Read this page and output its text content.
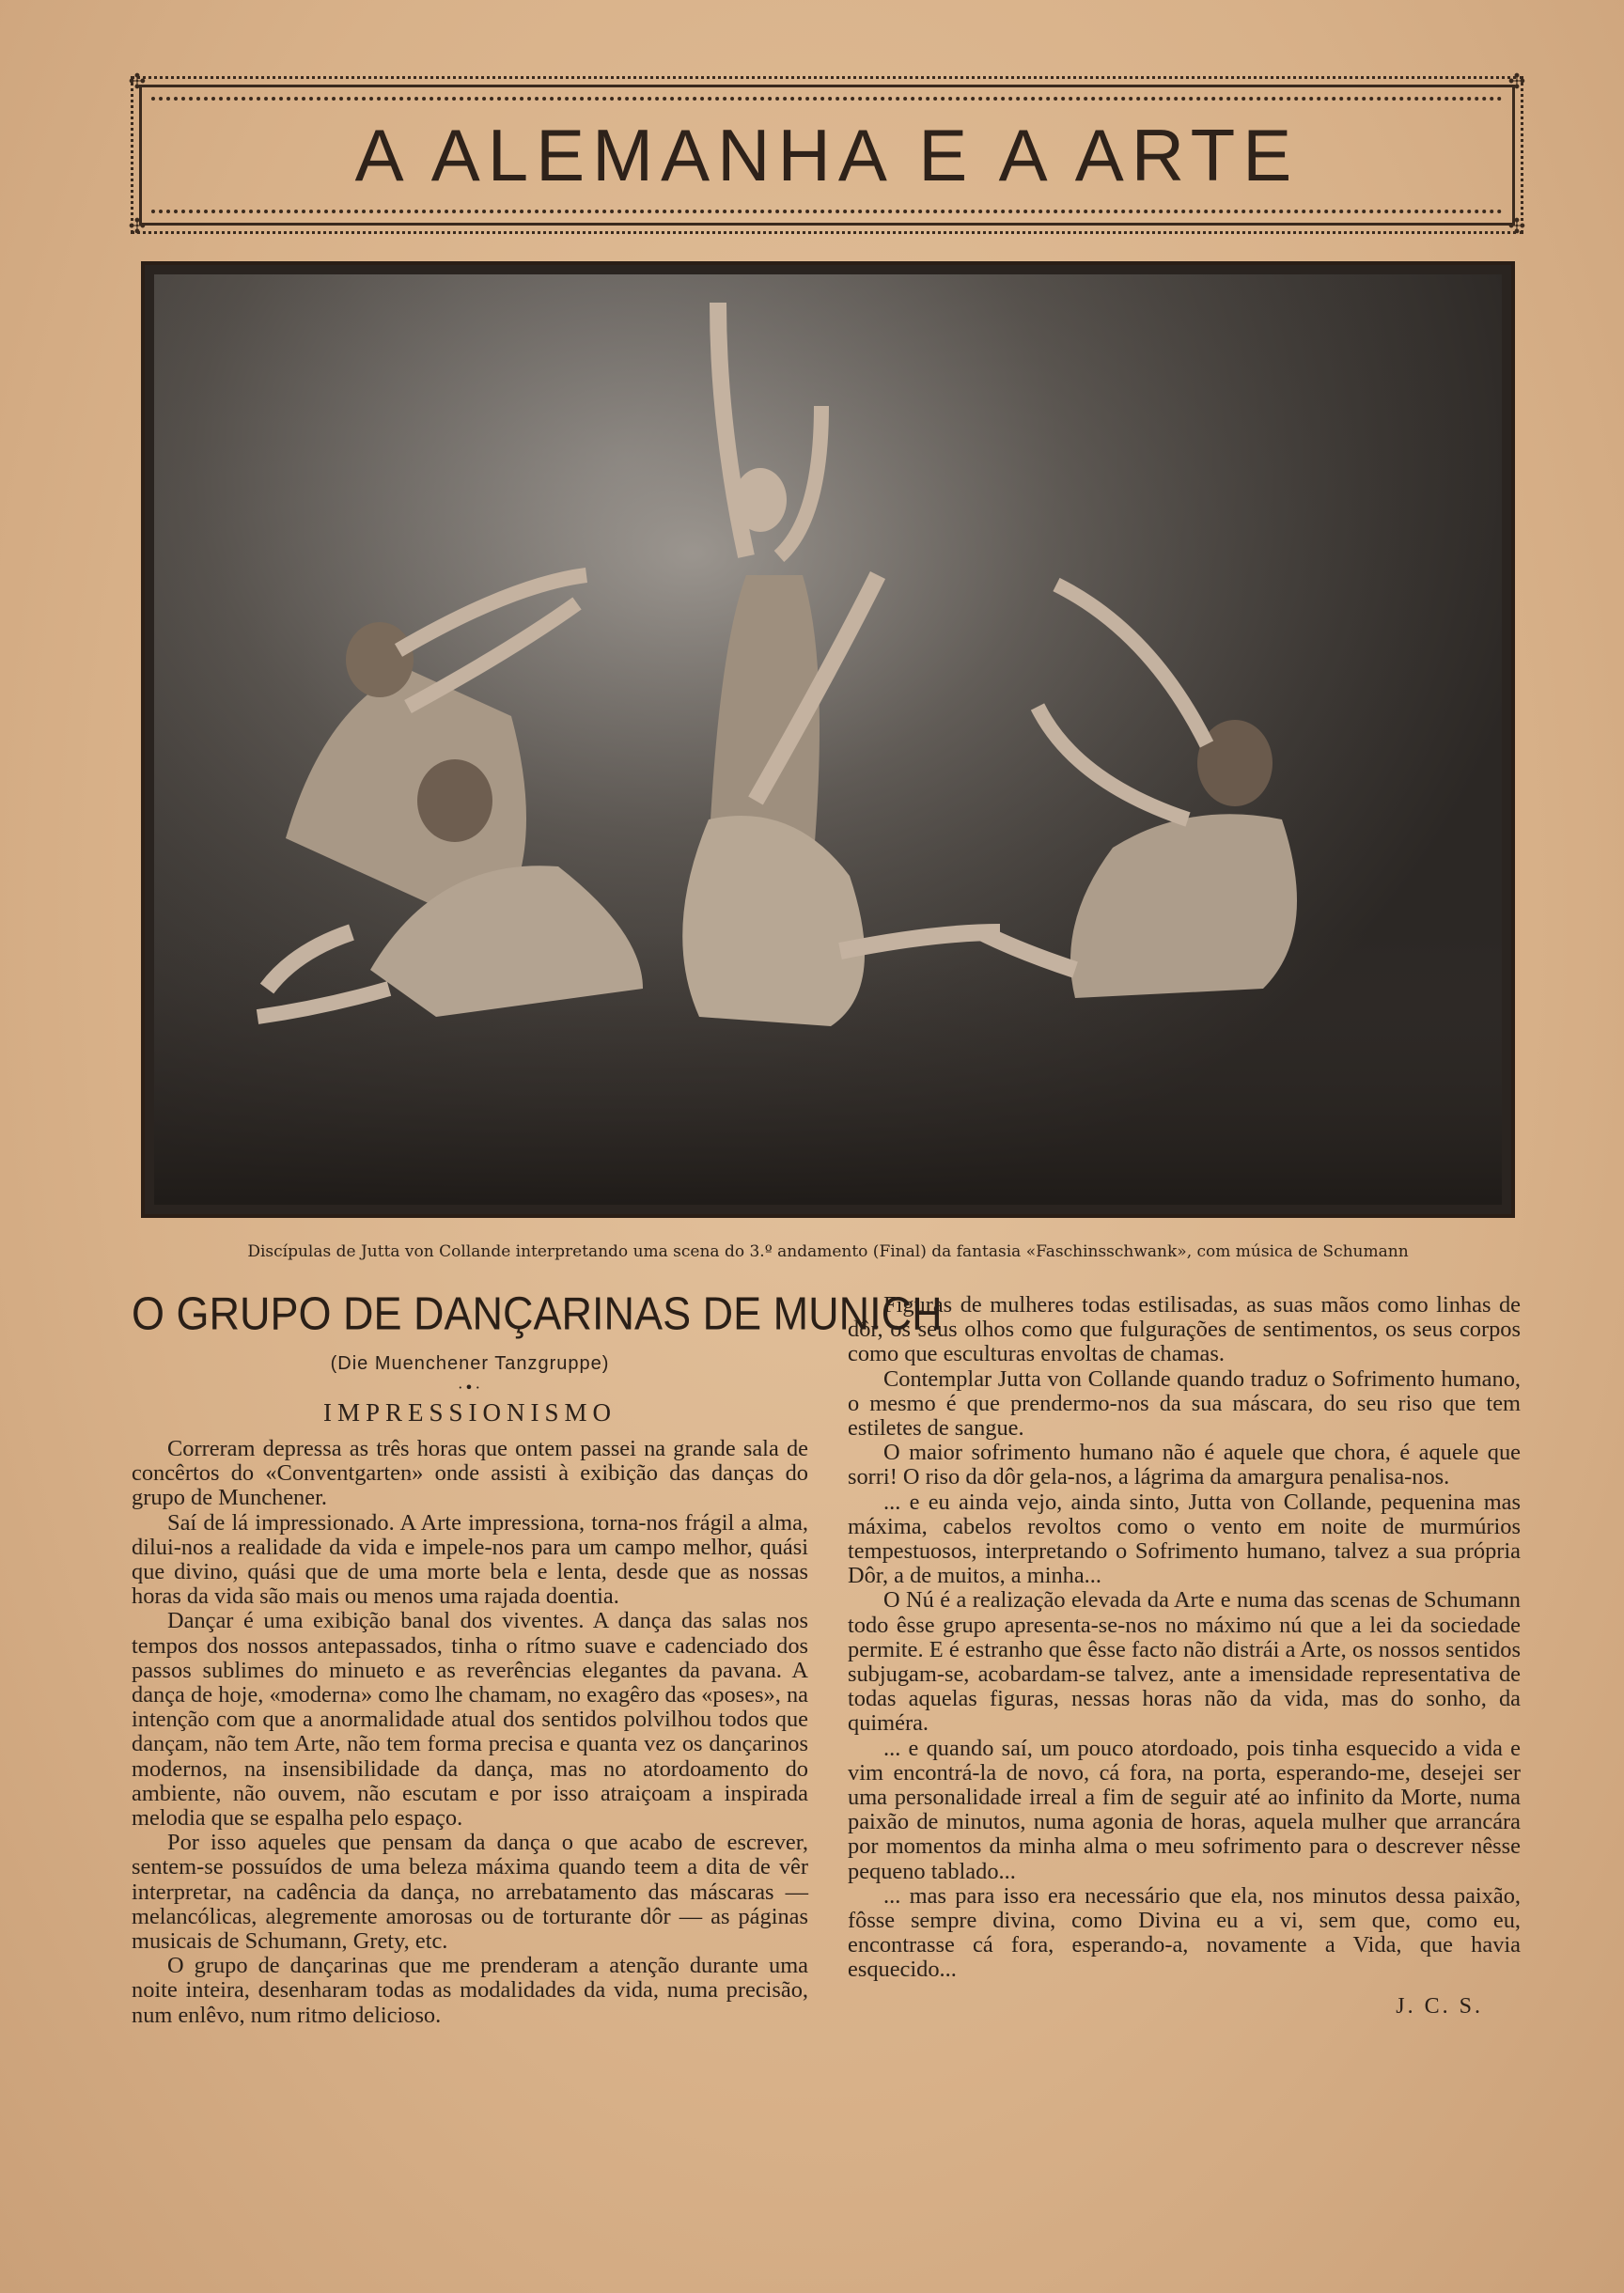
✣	✣
✣	✣
A ALEMANHA E A ARTE
Discípulas de Jutta von Collande interpretando uma scena do 3.º andamento (Final) da fantasia «Faschinsschwank», com música de Schumann
O GRUPO DE DANÇARINAS DE MUNICH
(Die Muenchener Tanzgruppe)
·•·
IMPRESSIONISMO

Correram depressa as três horas que ontem passei na grande sala de concêrtos do «Conventgarten» onde assisti à exibição das danças do grupo de Munchener.

Saí de lá impressionado. A Arte impressiona, torna-nos frágil a alma, dilui-nos a realidade da vida e impele-nos para um campo melhor, quási que divino, quási que de uma morte bela e lenta, desde que as nossas horas da vida são mais ou menos uma rajada doentia.

Dançar é uma exibição banal dos viventes. A dança das salas nos tempos dos nossos antepassados, tinha o rítmo suave e cadenciado dos passos sublimes do minueto e as reverências elegantes da pavana. A dança de hoje, «moderna» como lhe chamam, no exagêro das «poses», na intenção com que a anormalidade atual dos sentidos polvilhou todos que dançam, não tem Arte, não tem forma precisa e quanta vez os dançarinos modernos, na insensibilidade da dança, mas no atordoamento do ambiente, não ouvem, não escutam e por isso atraiçoam a inspirada melodia que se espalha pelo espaço.

Por isso aqueles que pensam da dança o que acabo de escrever, sentem-se possuídos de uma beleza máxima quando teem a dita de vêr interpretar, na cadência da dança, no arrebatamento das máscaras — melancólicas, alegremente amorosas ou de torturante dôr — as páginas musicais de Schumann, Grety, etc.

O grupo de dançarinas que me prenderam a atenção durante uma noite inteira, desenharam todas as modalidades da vida, numa precisão, num enlêvo, num ritmo delicioso.

Figuras de mulheres todas estilisadas, as suas mãos como linhas de dôr, os seus olhos como que fulgurações de sentimentos, os seus corpos como que esculturas envoltas de chamas.

Contemplar Jutta von Collande quando traduz o Sofrimento humano, o mesmo é que prendermo-nos da sua máscara, do seu riso que tem estiletes de sangue.

O maior sofrimento humano não é aquele que chora, é aquele que sorri! O riso da dôr gela-nos, a lágrima da amargura penalisa-nos.

... e eu ainda vejo, ainda sinto, Jutta von Collande, pequenina mas máxima, cabelos revoltos como o vento em noite de murmúrios tempestuosos, interpretando o Sofrimento humano, talvez a sua própria Dôr, a de muitos, a minha...

O Nú é a realização elevada da Arte e numa das scenas de Schumann todo êsse grupo apresenta-se-nos no máximo nú que a lei da sociedade permite. E é estranho que êsse facto não distrái a Arte, os nossos sentidos subjugam-se, acobardam-se talvez, ante a imensidade representativa de todas aquelas figuras, nessas horas não da vida, mas do sonho, da quiméra.

... e quando saí, um pouco atordoado, pois tinha esquecido a vida e vim encontrá-la de novo, cá fora, na porta, esperando-me, desejei ser uma personalidade irreal a fim de seguir até ao infinito da Morte, numa paixão de minutos, numa agonia de horas, aquela mulher que arrancára por momentos da minha alma o meu sofrimento para o descrever nêsse pequeno tablado...

... mas para isso era necessário que ela, nos minutos dessa paixão, fôsse sempre divina, como Divina eu a vi, sem que, como eu, encontrasse cá fora, esperando-a, novamente a Vida, que havia esquecido...

J. C. S.
